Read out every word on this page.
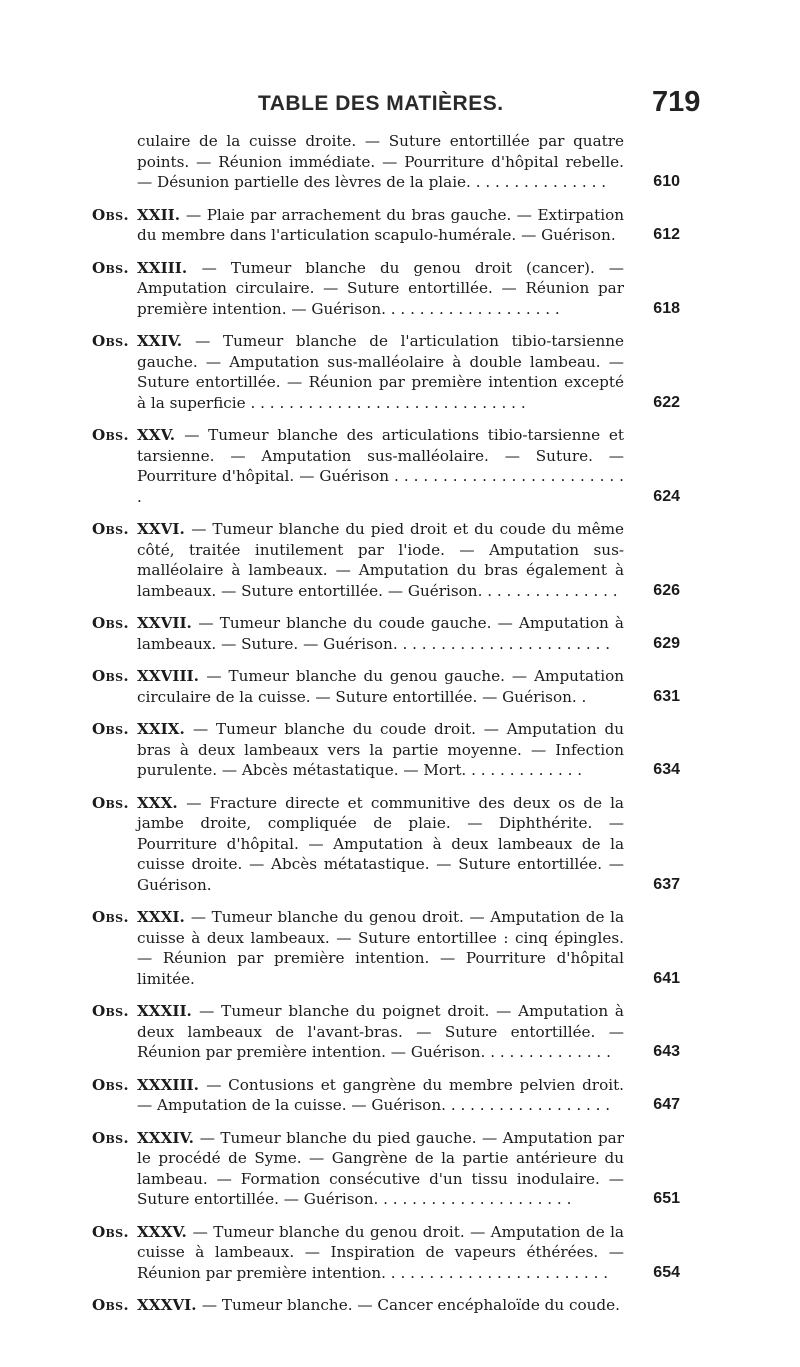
TABLE DES MATIÈRES.	719
culaire de la cuisse droite. — Suture entortillée par quatre points. — Réunion immédiate. — Pourriture d'hôpital rebelle. — Désunion partielle des lèvres de la plaie. . . . . . . . . . . . . . .	610
Obs. XXII. — Plaie par arrachement du bras gauche. — Extirpation du membre dans l'articulation scapulo-humérale. — Guérison.	612
Obs. XXIII. — Tumeur blanche du genou droit (cancer). — Amputation circulaire. — Suture entortillée. — Réunion par première intention. — Guérison. . . . . . . . . . . . . . . . . . .	618
Obs. XXIV. — Tumeur blanche de l'articulation tibio-tarsienne gauche. — Amputation sus-malléolaire à double lambeau. — Suture entortillée. — Réunion par première intention excepté à la superficie . . . . . . . . . . . . . . . . . . . . . . . . . . . . .	622
Obs. XXV. — Tumeur blanche des articulations tibio-tarsienne et tarsienne. — Amputation sus-malléolaire. — Suture. — Pourriture d'hôpital. — Guérison . . . . . . . . . . . . . . . . . . . . . . . . .	624
Obs. XXVI. — Tumeur blanche du pied droit et du coude du même côté, traitée inutilement par l'iode. — Amputation sus-malléolaire à lambeaux. — Amputation du bras également à lambeaux. — Suture entortillée. — Guérison. . . . . . . . . . . . . . .	626
Obs. XXVII. — Tumeur blanche du coude gauche. — Amputation à lambeaux. — Suture. — Guérison. . . . . . . . . . . . . . . . . . . . . . .	629
Obs. XXVIII. — Tumeur blanche du genou gauche. — Amputation circulaire de la cuisse. — Suture entortillée. — Guérison. .	631
Obs. XXIX. — Tumeur blanche du coude droit. — Amputation du bras à deux lambeaux vers la partie moyenne. — Infection purulente. — Abcès métastatique. — Mort. . . . . . . . . . . . .	634
Obs. XXX. — Fracture directe et communitive des deux os de la jambe droite, compliquée de plaie. — Diphthérite. — Pourriture d'hôpital. — Amputation à deux lambeaux de la cuisse droite. — Abcès métatastique. — Suture entortillée. — Guérison.	637
Obs. XXXI. — Tumeur blanche du genou droit. — Amputation de la cuisse à deux lambeaux. — Suture entortillee : cinq épingles. — Réunion par première intention. — Pourriture d'hôpital limitée.	641
Obs. XXXII. — Tumeur blanche du poignet droit. — Amputation à deux lambeaux de l'avant-bras. — Suture entortillée. — Réunion par première intention. — Guérison. . . . . . . . . . . . . .	643
Obs. XXXIII. — Contusions et gangrène du membre pelvien droit. — Amputation de la cuisse. — Guérison. . . . . . . . . . . . . . . . . .	647
Obs. XXXIV. — Tumeur blanche du pied gauche. — Amputation par le procédé de Syme. — Gangrène de la partie antérieure du lambeau. — Formation consécutive d'un tissu inodulaire. — Suture entortillée. — Guérison. . . . . . . . . . . . . . . . . . . . .	651
Obs. XXXV. — Tumeur blanche du genou droit. — Amputation de la cuisse à lambeaux. — Inspiration de vapeurs éthérées. — Réunion par première intention. . . . . . . . . . . . . . . . . . . . . . . .	654
Obs. XXXVI. — Tumeur blanche. — Cancer encéphaloïde du coude.
